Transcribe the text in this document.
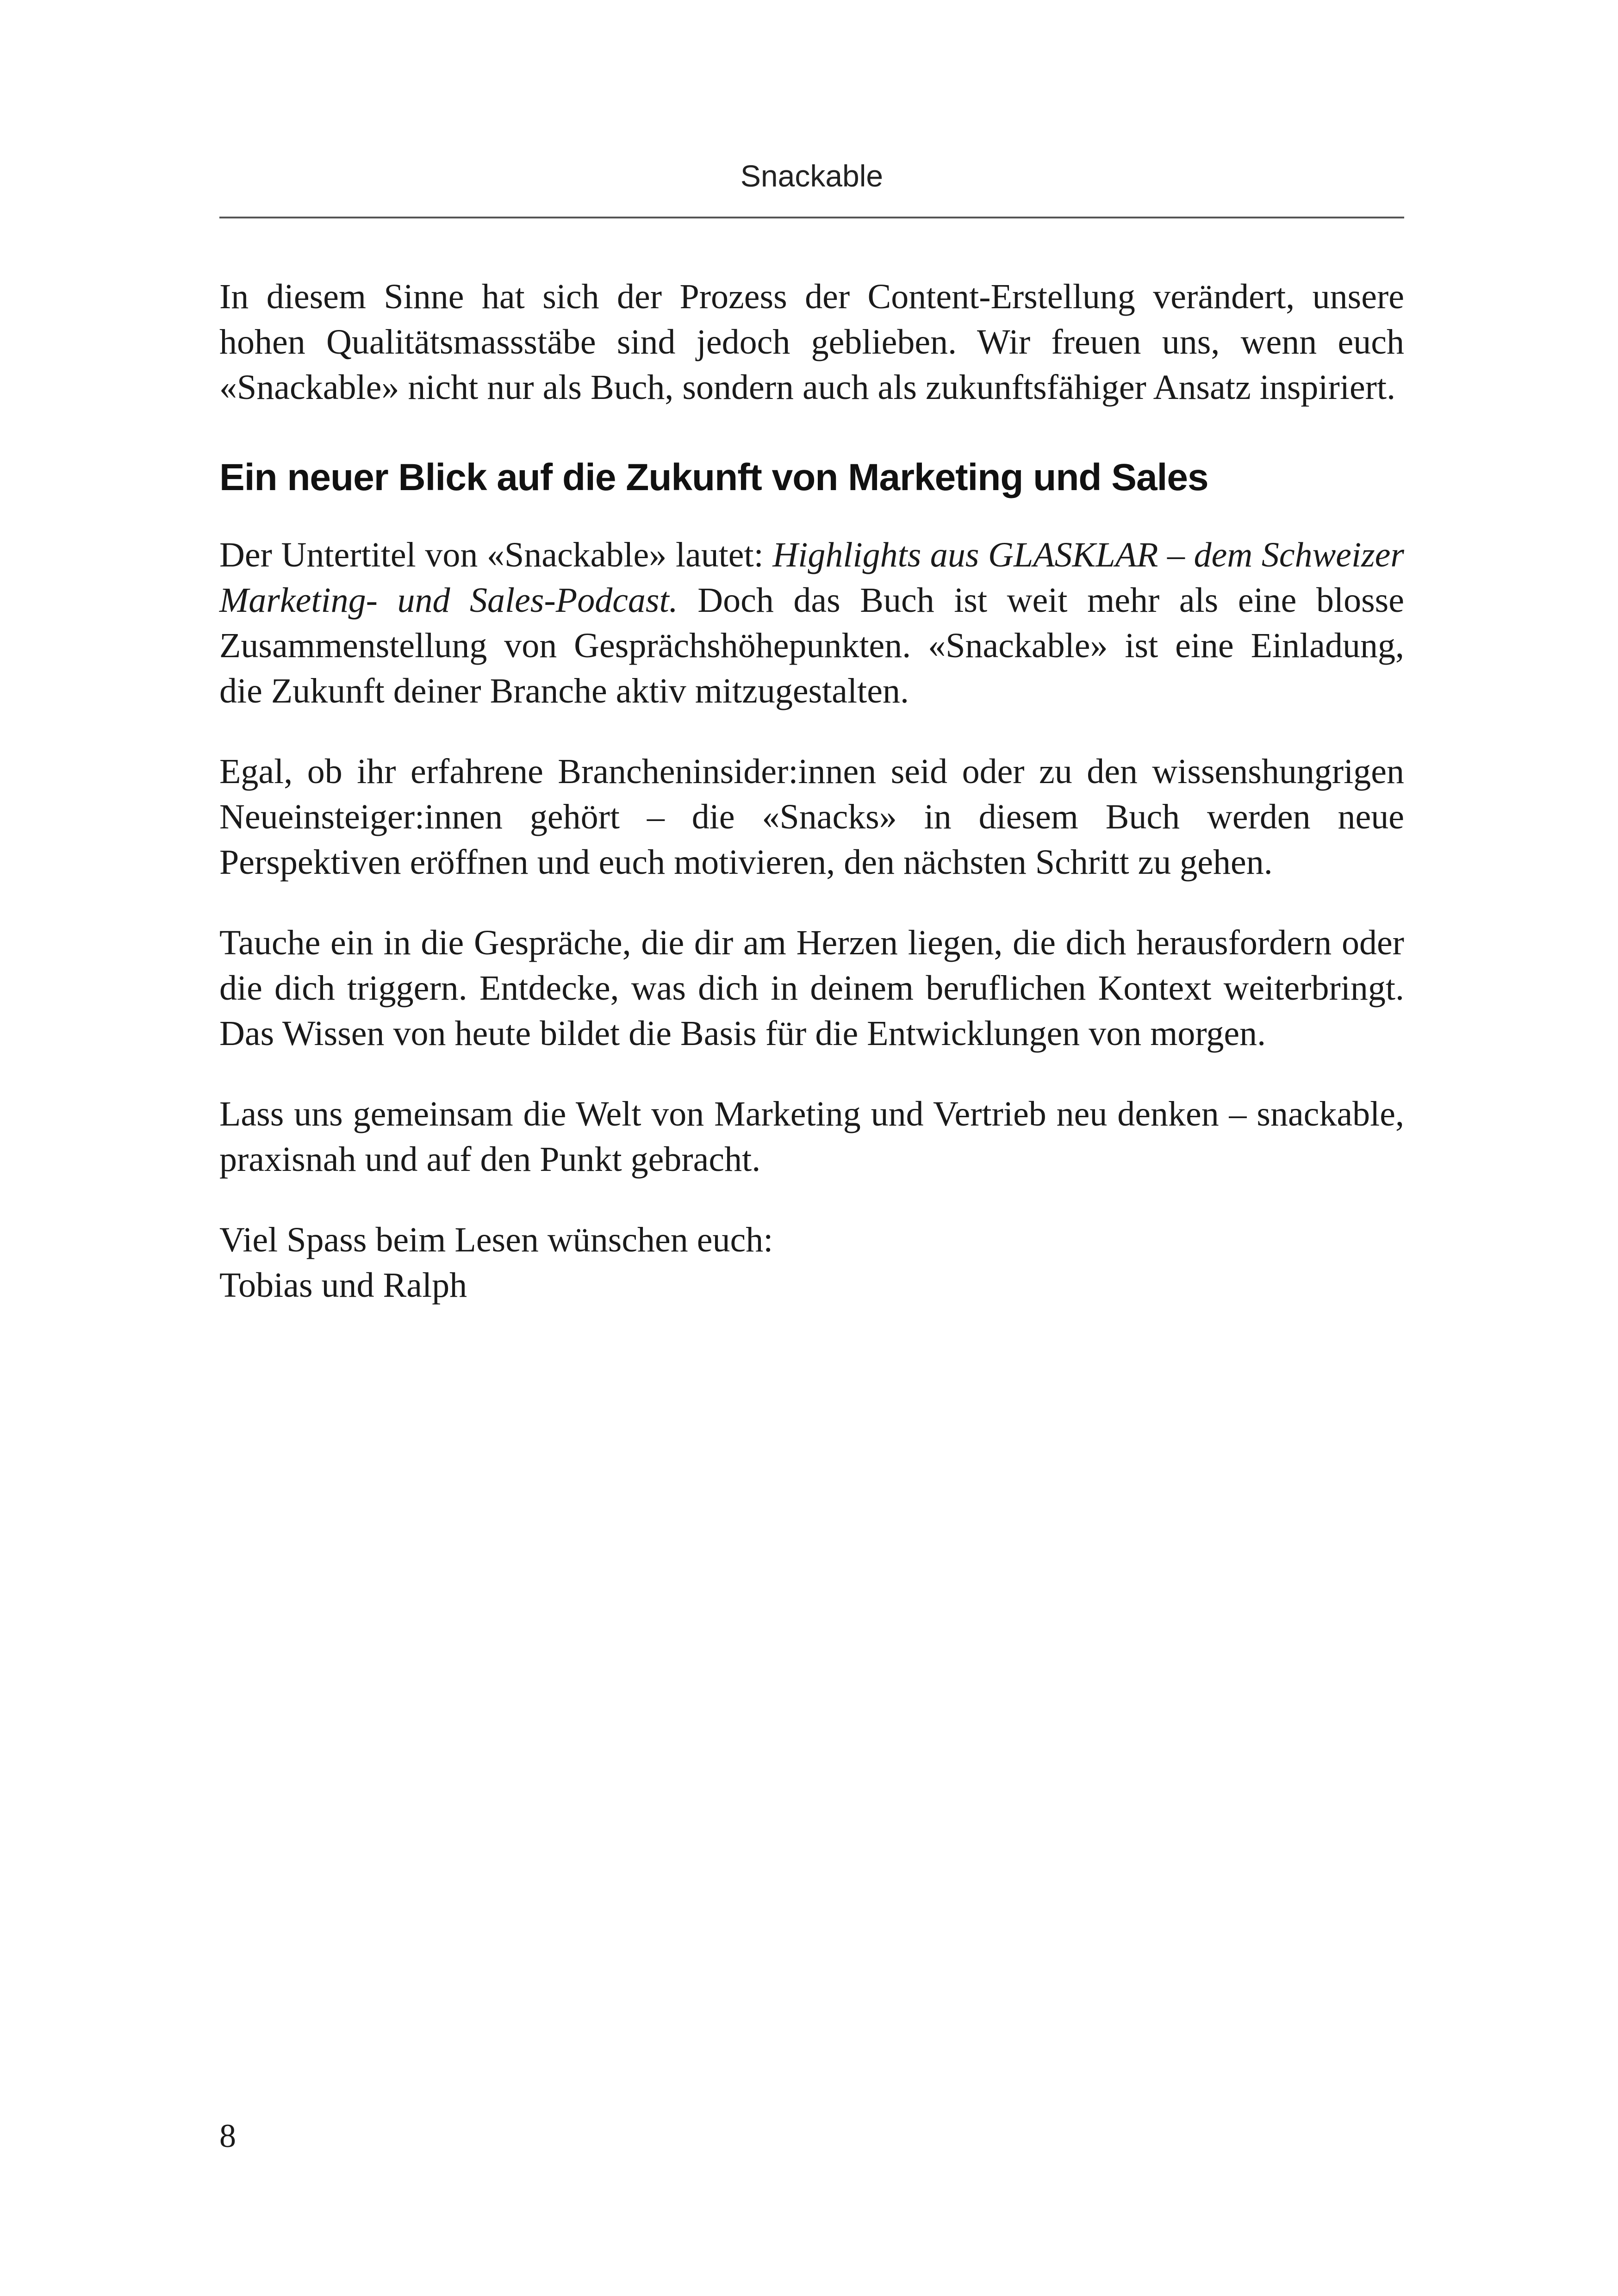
Snackable

In diesem Sinne hat sich der Prozess der Content-Erstellung verändert, unsere hohen Qualitätsmassstäbe sind jedoch geblieben. Wir freuen uns, wenn euch «Snackable» nicht nur als Buch, sondern auch als zukunftsfähiger Ansatz inspiriert.

Ein neuer Blick auf die Zukunft von Marketing und Sales

Der Untertitel von «Snackable» lautet: Highlights aus GLASKLAR – dem Schweizer Marketing- und Sales-Podcast. Doch das Buch ist weit mehr als eine blosse Zusammenstellung von Gesprächshöhepunkten. «Snackable» ist eine Einladung, die Zukunft deiner Branche aktiv mitzugestalten.

Egal, ob ihr erfahrene Brancheninsider:innen seid oder zu den wissenshungrigen Neueinsteiger:innen gehört – die «Snacks» in diesem Buch werden neue Perspektiven eröffnen und euch motivieren, den nächsten Schritt zu gehen.

Tauche ein in die Gespräche, die dir am Herzen liegen, die dich herausfordern oder die dich triggern. Entdecke, was dich in deinem beruflichen Kontext weiterbringt. Das Wissen von heute bildet die Basis für die Entwicklungen von morgen.

Lass uns gemeinsam die Welt von Marketing und Vertrieb neu denken – snackable, praxisnah und auf den Punkt gebracht.

Viel Spass beim Lesen wünschen euch:
Tobias und Ralph

8
